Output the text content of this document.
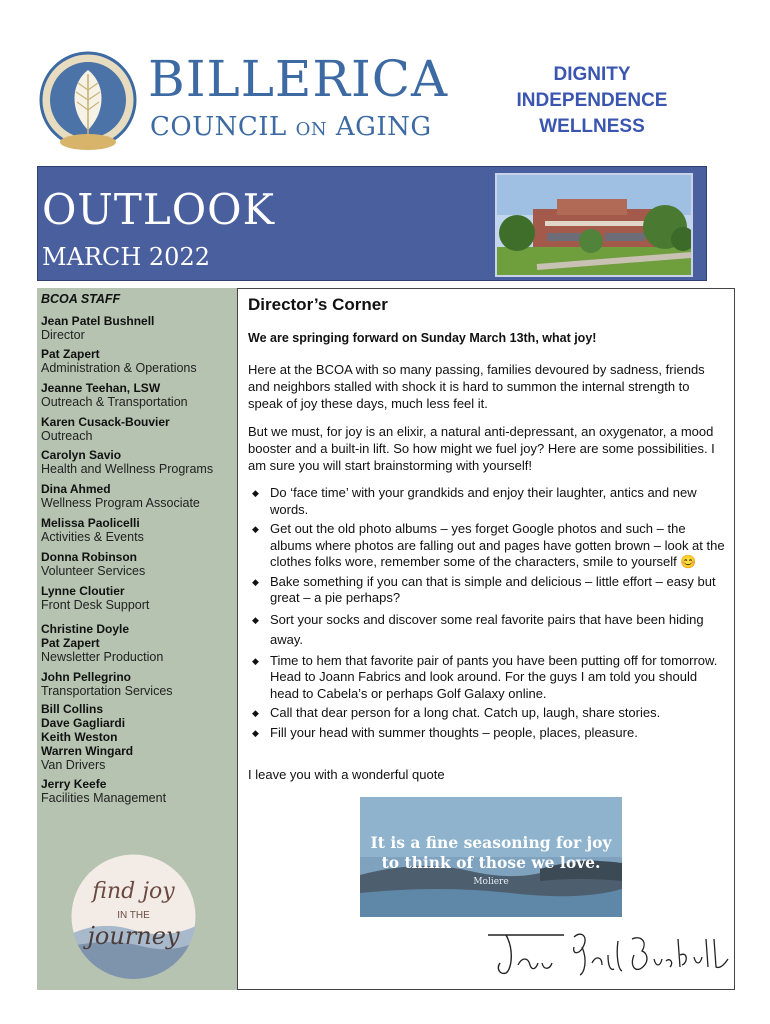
BILLERICA
COUNCIL ON AGING
DIGNITY
INDEPENDENCE
WELLNESS
OUTLOOK
MARCH 2022
BCOA STAFF
Jean Patel Bushnell
Director
Pat Zapert
Administration & Operations
Jeanne Teehan, LSW
Outreach & Transportation
Karen Cusack-Bouvier
Outreach
Carolyn Savio
Health and Wellness Programs
Dina Ahmed
Wellness Program Associate
Melissa Paolicelli
Activities & Events
Donna Robinson
Volunteer Services
Lynne Cloutier
Front Desk Support
Christine Doyle
Pat Zapert
Newsletter Production
John Pellegrino
Transportation Services
Bill Collins
Dave Gagliardi
Keith Weston
Warren Wingard
Van Drivers
Jerry Keefe
Facilities Management
find joy
IN THE
journey
Director’s Corner
We are springing forward on Sunday March 13th, what joy!
Here at the BCOA with so many passing, families devoured by sadness, friends and neighbors stalled with shock it is hard to summon the internal strength to speak of joy these days, much less feel it.
But we must, for joy is an elixir, a natural anti-depressant, an oxygenator, a mood booster and a built-in lift. So how might we fuel joy? Here are some possibilities. I am sure you will start brainstorming with yourself!
◆ Do ‘face time’ with your grandkids and enjoy their laughter, antics and new words.
◆ Get out the old photo albums – yes forget Google photos and such – the albums where photos are falling out and pages have gotten brown – look at the clothes folks wore, remember some of the characters, smile to yourself 😊
◆ Bake something if you can that is simple and delicious – little effort – easy but great – a pie perhaps?
◆ Sort your socks and discover some real favorite pairs that have been hiding away.
◆ Time to hem that favorite pair of pants you have been putting off for tomorrow. Head to Joann Fabrics and look around. For the guys I am told you should head to Cabela’s or perhaps Golf Galaxy online.
◆ Call that dear person for a long chat. Catch up, laugh, share stories.
◆ Fill your head with summer thoughts – people, places, pleasure.
I leave you with a wonderful quote
It is a fine seasoning for joy to think of those we love.
Moliere
